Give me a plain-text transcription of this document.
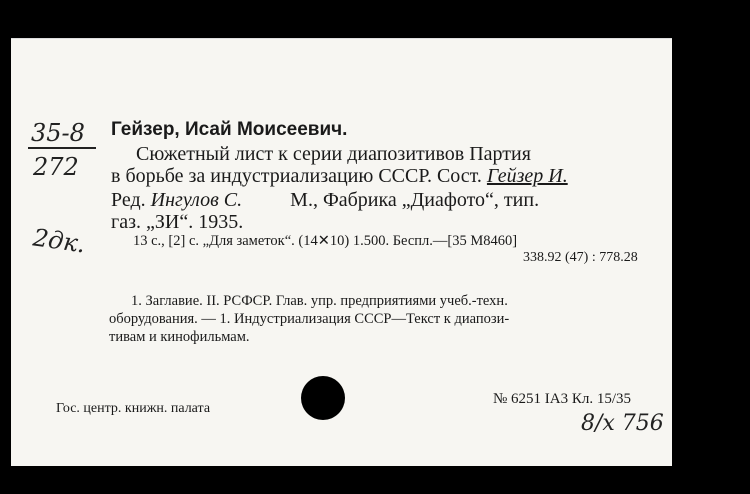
35-8
272
2дк.
Гейзер, Исай Моисеевич.
Сюжетный лист к серии диапозитивов Партия
в борьбе за индустриализацию СССР. Сост. Гейзер И.
Ред. Ингулов С. М., Фабрика „Диафото“, тип.
газ. „ЗИ“. 1935.
13 с., [2] с. „Для заметок“. (14✕10) 1.500. Беспл.—[35 М8460]
338.92 (47) : 778.28
1. Заглавие. II. РСФСР. Глав. упр. предприятиями учеб.-техн.
оборудования. — 1. Индустриализация СССР—Текст к диапози-
тивам и кинофильмам.
Гос. центр. книжн. палата
№ 6251 IА3 Кл. 15/35
8/х 756
